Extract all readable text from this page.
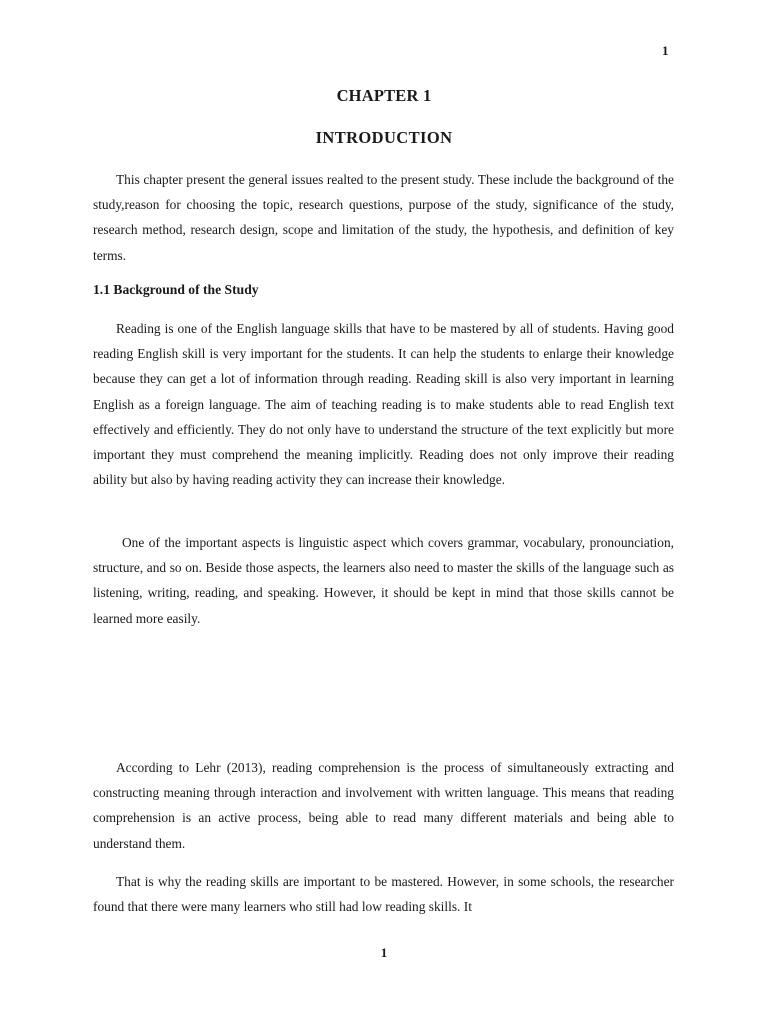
1
CHAPTER 1
INTRODUCTION

This chapter present the general issues realted to the present study. These include the background of the study,reason for choosing the topic, research questions, purpose of the study, significance of the study, research method, research design, scope and limitation of the study, the hypothesis, and definition of key terms.

1.1 Background of the Study

Reading is one of the English language skills that have to be mastered by all of students. Having good reading English skill is very important for the students. It can help the students to enlarge their knowledge because they can get a lot of information through reading. Reading skill is also very important in learning English as a foreign language. The aim of teaching reading is to make students able to read English text effectively and efficiently. They do not only have to understand the structure of the text explicitly but more important they must comprehend the meaning implicitly. Reading does not only improve their reading ability but also by having reading activity they can increase their knowledge.

One of the important aspects is linguistic aspect which covers grammar, vocabulary, pronounciation, structure, and so on. Beside those aspects, the learners also need to master the skills of the language such as listening, writing, reading, and speaking. However, it should be kept in mind that those skills cannot be learned more easily.

According to Lehr (2013), reading comprehension is the process of simultaneously extracting and constructing meaning through interaction and involvement with written language. This means that reading comprehension is an active process, being able to read many different materials and being able to understand them.

That is why the reading skills are important to be mastered. However, in some schools, the researcher found that there were many learners who still had low reading skills. It

1
